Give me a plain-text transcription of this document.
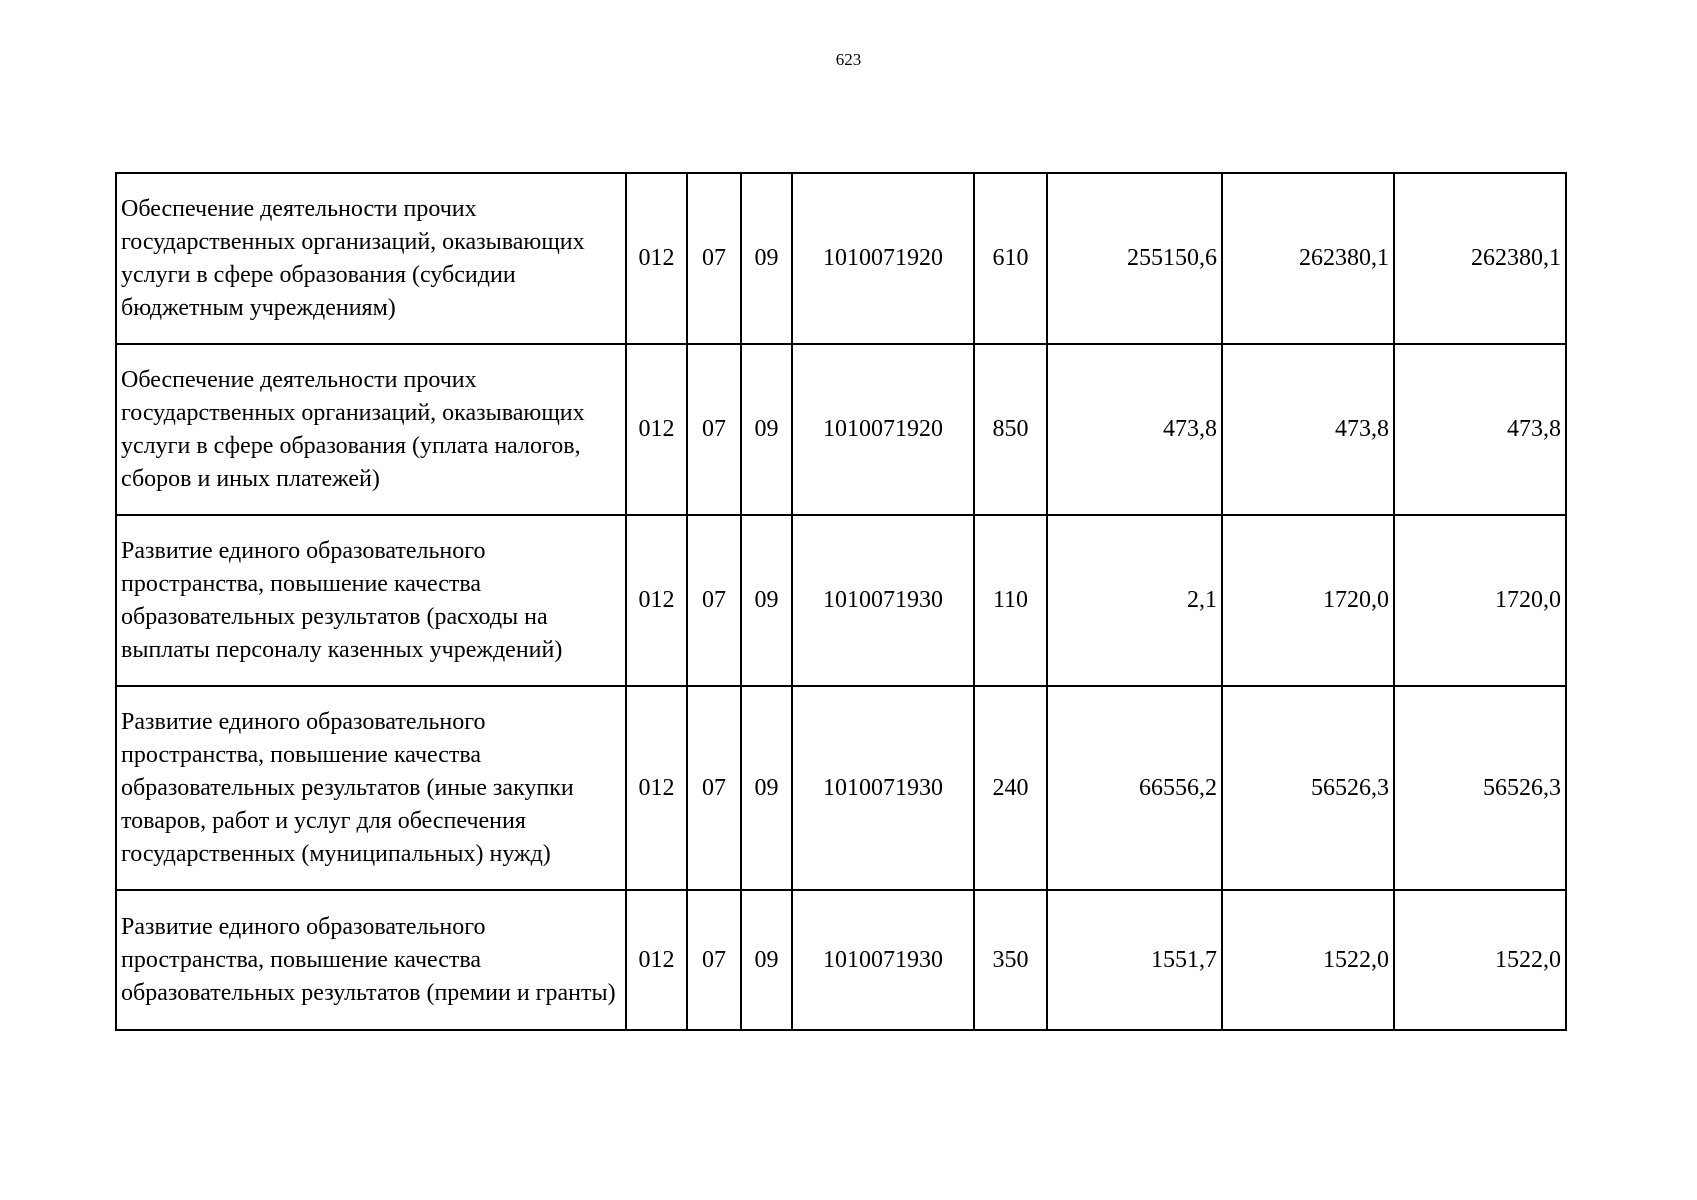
623
Обеспечение деятельности прочих государственных организаций, оказывающих услуги в сфере образования (субсидии бюджетным учреждениям)	012	07	09	1010071920	610	255150,6	262380,1	262380,1
Обеспечение деятельности прочих государственных организаций, оказывающих услуги в сфере образования (уплата налогов, сборов и иных платежей)	012	07	09	1010071920	850	473,8	473,8	473,8
Развитие единого образовательного пространства, повышение качества образовательных результатов (расходы на выплаты персоналу казенных учреждений)	012	07	09	1010071930	110	2,1	1720,0	1720,0
Развитие единого образовательного пространства, повышение качества образовательных результатов (иные закупки товаров, работ и услуг для обеспечения государственных (муниципальных) нужд)	012	07	09	1010071930	240	66556,2	56526,3	56526,3
Развитие единого образовательного пространства, повышение качества образовательных результатов (премии и гранты)	012	07	09	1010071930	350	1551,7	1522,0	1522,0
